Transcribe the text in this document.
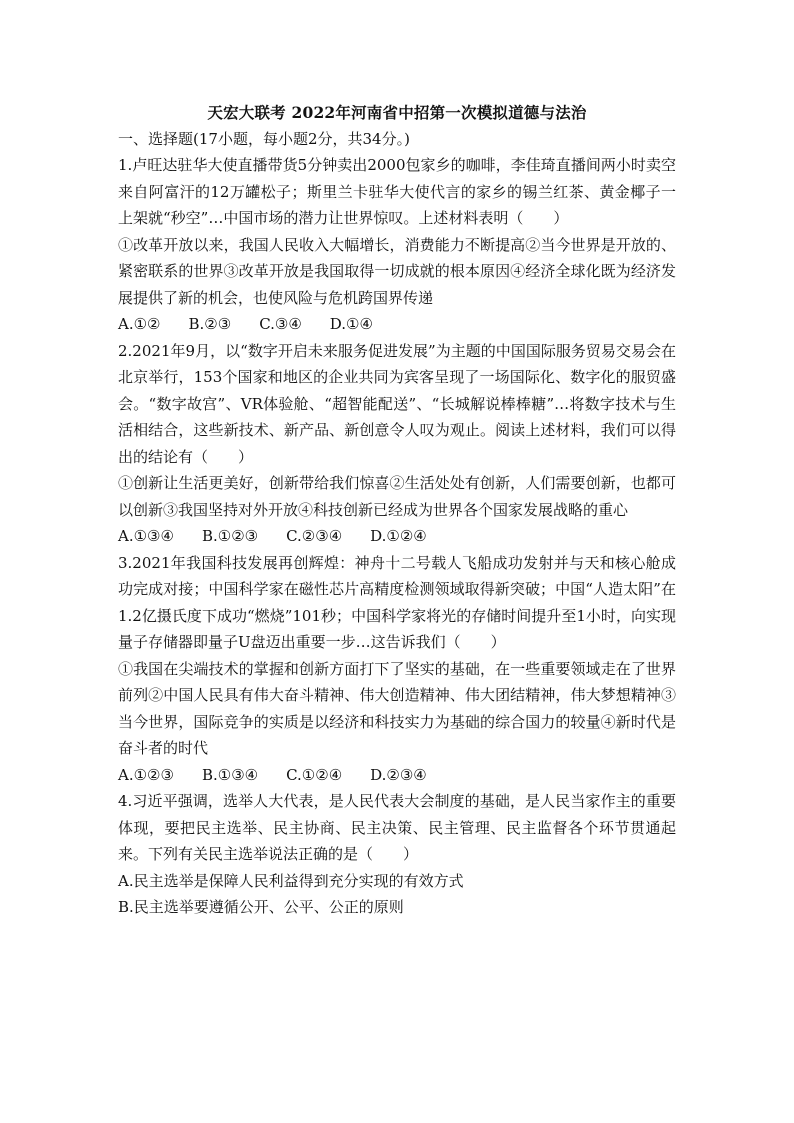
天宏大联考 2022年河南省中招第一次模拟道德与法治

一、选择题(17小题，每小题2分，共34分。)

1.卢旺达驻华大使直播带货5分钟卖出2000包家乡的咖啡，李佳琦直播间两小时卖空来自阿富汗的12万罐松子；斯里兰卡驻华大使代言的家乡的锡兰红茶、黄金椰子一上架就“秒空”…中国市场的潜力让世界惊叹。上述材料表明（　　）

①改革开放以来，我国人民收入大幅增长，消费能力不断提高②当今世界是开放的、紧密联系的世界③改革开放是我国取得一切成就的根本原因④经济全球化既为经济发展提供了新的机会，也使风险与危机跨国界传递

A.①② B.②③ C.③④ D.①④

2.2021年9月，以“数字开启未来服务促进发展”为主题的中国国际服务贸易交易会在北京举行，153个国家和地区的企业共同为宾客呈现了一场国际化、数字化的服贸盛会。“数字故宫”、VR体验舱、“超智能配送”、“长城解说棒棒糖”…将数字技术与生活相结合，这些新技术、新产品、新创意令人叹为观止。阅读上述材料，我们可以得出的结论有（　　）

①创新让生活更美好，创新带给我们惊喜②生活处处有创新，人们需要创新，也都可以创新③我国坚持对外开放④科技创新已经成为世界各个国家发展战略的重心

A.①③④ B.①②③ C.②③④ D.①②④

3.2021年我国科技发展再创辉煌：神舟十二号载人飞船成功发射并与天和核心舱成功完成对接；中国科学家在磁性芯片高精度检测领域取得新突破；中国“人造太阳”在1.2亿摄氏度下成功“燃烧”101秒；中国科学家将光的存储时间提升至1小时，向实现量子存储器即量子U盘迈出重要一步…这告诉我们（　　）

①我国在尖端技术的掌握和创新方面打下了坚实的基础，在一些重要领域走在了世界前列②中国人民具有伟大奋斗精神、伟大创造精神、伟大团结精神，伟大梦想精神③当今世界，国际竞争的实质是以经济和科技实力为基础的综合国力的较量④新时代是奋斗者的时代

A.①②③ B.①③④ C.①②④ D.②③④

4.习近平强调，选举人大代表，是人民代表大会制度的基础，是人民当家作主的重要体现，要把民主选举、民主协商、民主决策、民主管理、民主监督各个环节贯通起来。下列有关民主选举说法正确的是（　　）

A.民主选举是保障人民利益得到充分实现的有效方式

B.民主选举要遵循公开、公平、公正的原则
